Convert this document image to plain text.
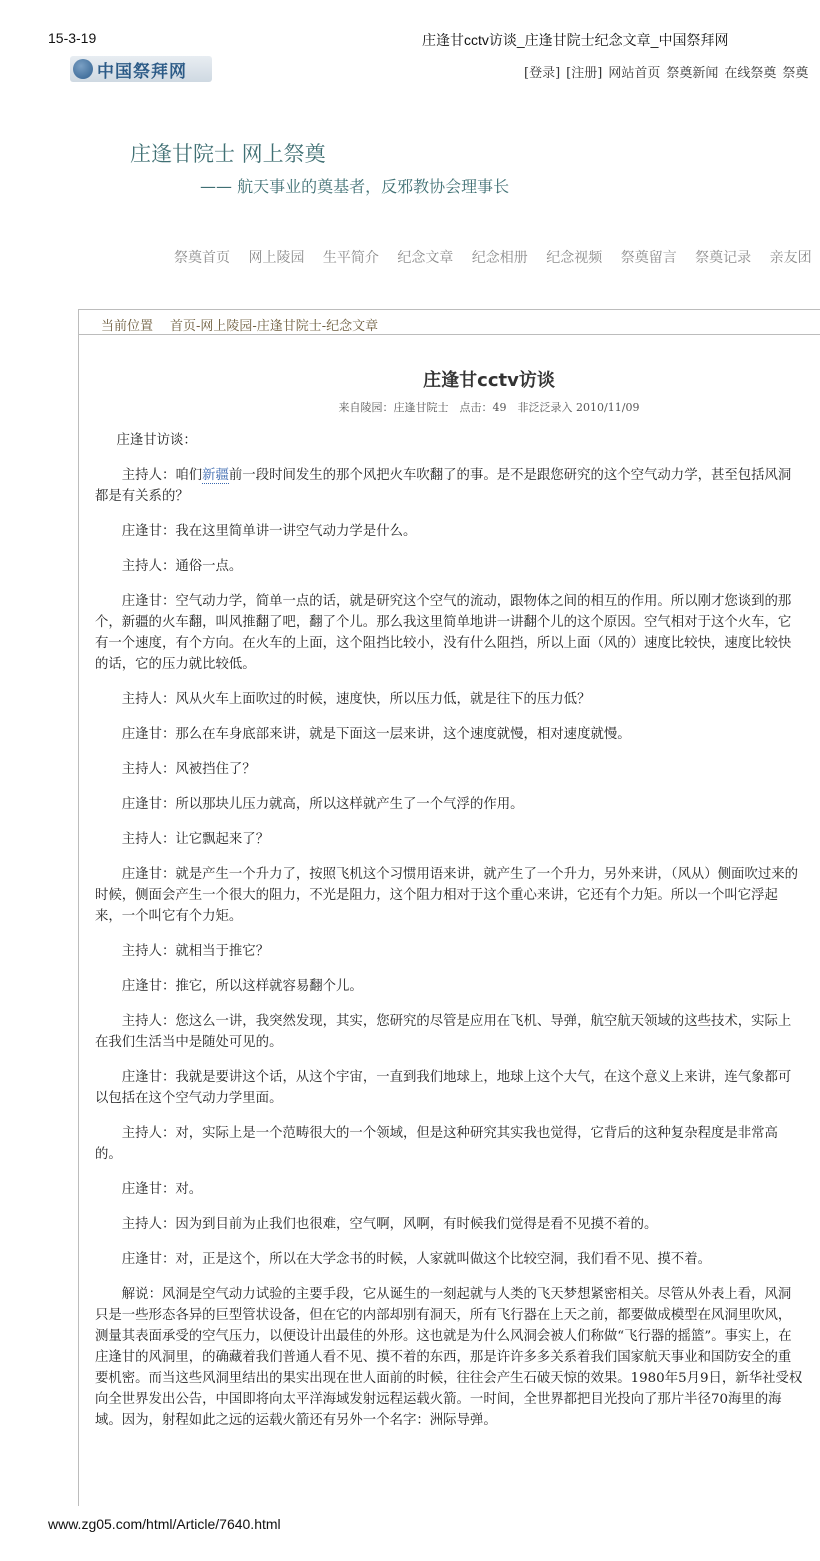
15-3-19	庄逢甘cctv访谈_庄逢甘院士纪念文章_中国祭拜网
中国祭拜网	[登录] [注册] 网站首页 祭奠新闻 在线祭奠 祭奠
庄逢甘院士 网上祭奠
—— 航天事业的奠基者，反邪教协会理事长
祭奠首页 网上陵园 生平简介 纪念文章 纪念相册 纪念视频 祭奠留言 祭奠记录 亲友团
当前位置 首页-网上陵园-庄逢甘院士-纪念文章
庄逢甘cctv访谈
来自陵园：庄逢甘院士　点击：49　非泛泛录入 2010/11/09

庄逢甘访谈：

主持人：咱们新疆前一段时间发生的那个风把火车吹翻了的事。是不是跟您研究的这个空气动力学，甚至包括风洞都是有关系的？

庄逢甘：我在这里简单讲一讲空气动力学是什么。

主持人：通俗一点。

庄逢甘：空气动力学，简单一点的话，就是研究这个空气的流动，跟物体之间的相互的作用。所以刚才您谈到的那个，新疆的火车翻，叫风推翻了吧，翻了个儿。那么我这里简单地讲一讲翻个儿的这个原因。空气相对于这个火车，它有一个速度，有个方向。在火车的上面，这个阻挡比较小，没有什么阻挡，所以上面（风的）速度比较快，速度比较快的话，它的压力就比较低。

主持人：风从火车上面吹过的时候，速度快，所以压力低，就是往下的压力低？

庄逢甘：那么在车身底部来讲，就是下面这一层来讲，这个速度就慢，相对速度就慢。

主持人：风被挡住了？

庄逢甘：所以那块儿压力就高，所以这样就产生了一个气浮的作用。

主持人：让它飘起来了？

庄逢甘：就是产生一个升力了，按照飞机这个习惯用语来讲，就产生了一个升力，另外来讲，（风从）侧面吹过来的时候，侧面会产生一个很大的阻力，不光是阻力，这个阻力相对于这个重心来讲，它还有个力矩。所以一个叫它浮起来，一个叫它有个力矩。

主持人：就相当于推它？

庄逢甘：推它，所以这样就容易翻个儿。

主持人：您这么一讲，我突然发现，其实，您研究的尽管是应用在飞机、导弹，航空航天领域的这些技术，实际上在我们生活当中是随处可见的。

庄逢甘：我就是要讲这个话，从这个宇宙，一直到我们地球上，地球上这个大气，在这个意义上来讲，连气象都可以包括在这个空气动力学里面。

主持人：对，实际上是一个范畴很大的一个领域，但是这种研究其实我也觉得，它背后的这种复杂程度是非常高的。

庄逢甘：对。

主持人：因为到目前为止我们也很难，空气啊，风啊，有时候我们觉得是看不见摸不着的。

庄逢甘：对，正是这个，所以在大学念书的时候，人家就叫做这个比较空洞，我们看不见、摸不着。

解说：风洞是空气动力试验的主要手段，它从诞生的一刻起就与人类的飞天梦想紧密相关。尽管从外表上看，风洞只是一些形态各异的巨型管状设备，但在它的内部却别有洞天，所有飞行器在上天之前，都要做成模型在风洞里吹风，测量其表面承受的空气压力，以便设计出最佳的外形。这也就是为什么风洞会被人们称做“飞行器的摇篮”。事实上，在庄逢甘的风洞里，的确藏着我们普通人看不见、摸不着的东西，那是许许多多关系着我们国家航天事业和国防安全的重要机密。而当这些风洞里结出的果实出现在世人面前的时候，往往会产生石破天惊的效果。1980年5月9日，新华社受权向全世界发出公告，中国即将向太平洋海域发射远程运载火箭。一时间，全世界都把目光投向了那片半径70海里的海域。因为，射程如此之远的运载火箭还有另外一个名字：洲际导弹。

www.zg05.com/html/Article/7640.html
